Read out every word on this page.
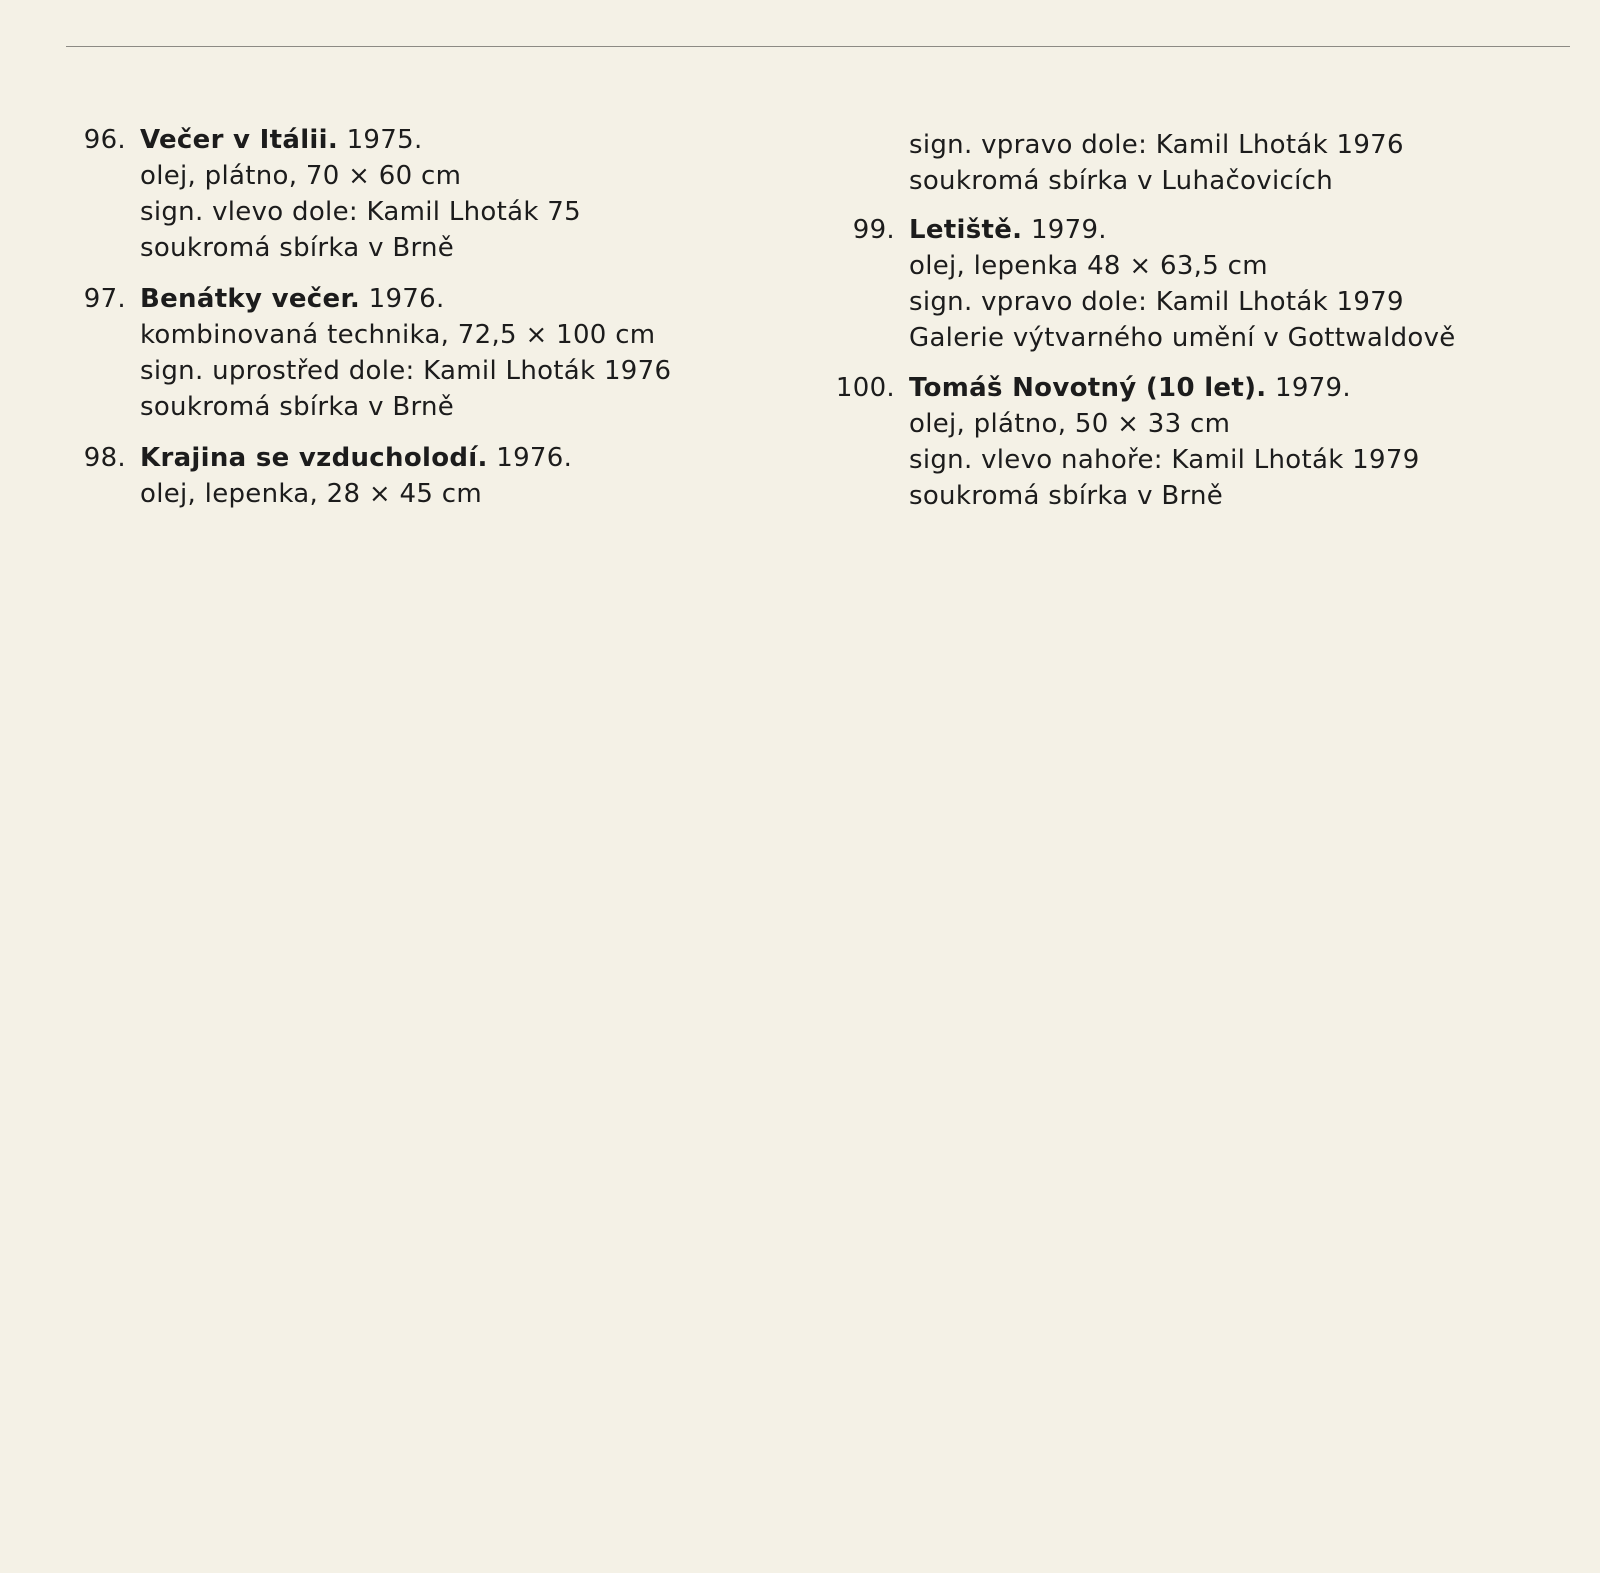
96. Večer v Itálii. 1975.
olej, plátno, 70 × 60 cm
sign. vlevo dole: Kamil Lhoták 75
soukromá sbírka v Brně
97. Benátky večer. 1976.
kombinovaná technika, 72,5 × 100 cm
sign. uprostřed dole: Kamil Lhoták 1976
soukromá sbírka v Brně
98. Krajina se vzducholodí. 1976.
olej, lepenka, 28 × 45 cm
sign. vpravo dole: Kamil Lhoták 1976
soukromá sbírka v Luhačovicích
99. Letiště. 1979.
olej, lepenka 48 × 63,5 cm
sign. vpravo dole: Kamil Lhoták 1979
Galerie výtvarného umění v Gottwaldově
100. Tomáš Novotný (10 let). 1979.
olej, plátno, 50 × 33 cm
sign. vlevo nahoře: Kamil Lhoták 1979
soukromá sbírka v Brně
